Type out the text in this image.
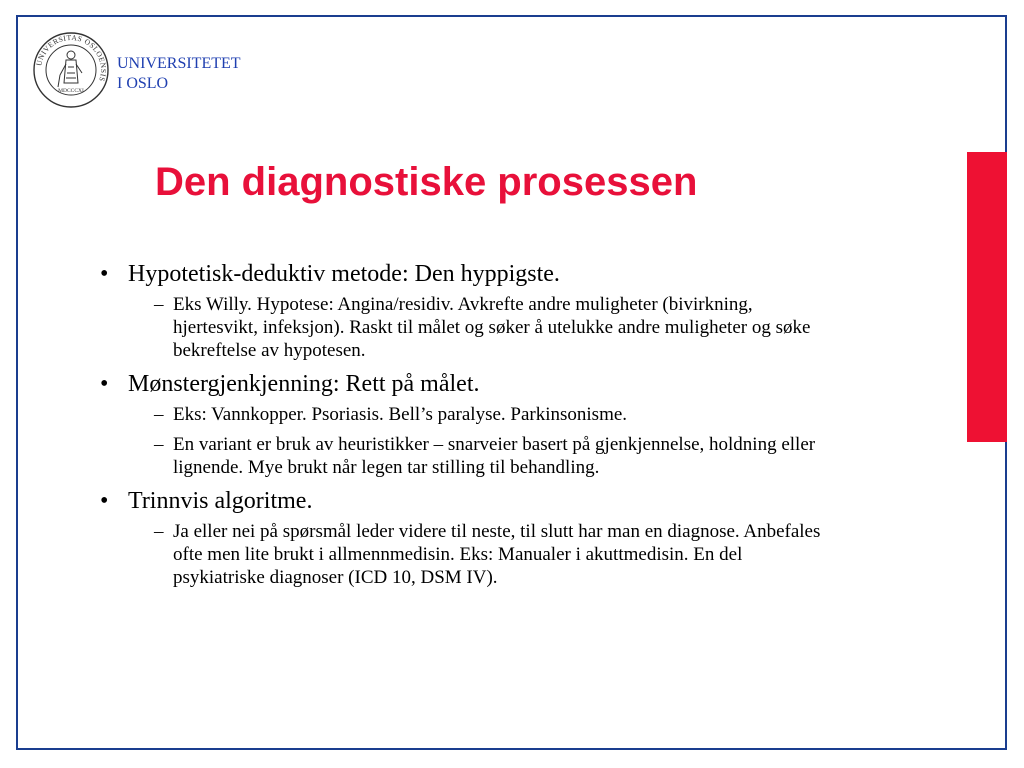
UNIVERSITAS OSLOENSIS
MDCCCXI
UNIVERSITETET
I OSLO
Den diagnostiske prosessen
• Hypotetisk-deduktiv metode: Den hyppigste.
– Eks Willy. Hypotese: Angina/residiv. Avkrefte andre muligheter (bivirkning, hjertesvikt, infeksjon). Raskt til målet og søker å utelukke andre muligheter og søke bekreftelse av hypotesen.
• Mønstergjenkjenning: Rett på målet.
– Eks: Vannkopper. Psoriasis. Bell’s paralyse. Parkinsonisme.
– En variant er bruk av heuristikker – snarveier basert på gjenkjennelse, holdning eller lignende. Mye brukt når legen tar stilling til behandling.
• Trinnvis algoritme.
– Ja eller nei på spørsmål leder videre til neste, til slutt har man en diagnose. Anbefales ofte men lite brukt i allmennmedisin. Eks: Manualer i akuttmedisin. En del psykiatriske diagnoser (ICD 10, DSM IV).
